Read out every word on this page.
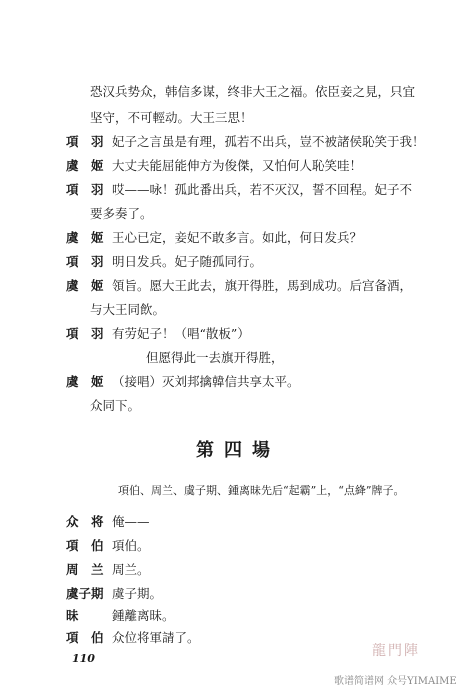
恐汉兵势众，韩信多谋，终非大王之福。依臣妾之見，只宜
坚守，不可輕动。大王三思！
項　羽 妃子之言虽是有理，孤若不出兵，豈不被諸侯恥笑于我！
虞　姬 大丈夫能屈能伸方为俊傑，又怕何人恥笑哇！
項　羽 哎——咏！孤此番出兵，若不灭汉，誓不回程。妃子不
要多奏了。
虞　姬 王心已定，妾妃不敢多言。如此，何日发兵？
項　羽 明日发兵。妃子随孤同行。
虞　姬 領旨。愿大王此去，旗开得胜，馬到成功。后宫备酒，
与大王同飲。
項　羽 有劳妃子！（唱“散板”）
但愿得此一去旗开得胜，
虞　姬 （接唱）灭刘邦擒韓信共享太平。
众同下。
第四場
項伯、周兰、虞子期、鍾离昧先后“起霸”上，“点絳”牌子。
众　将 俺——
項　伯 項伯。
周　兰 周兰。
虞子期 虞子期。
昧	鍾離离昧。
項　伯 众位将軍請了。
110	龍門陣
歌谱简谱网 众号YIMAIME
